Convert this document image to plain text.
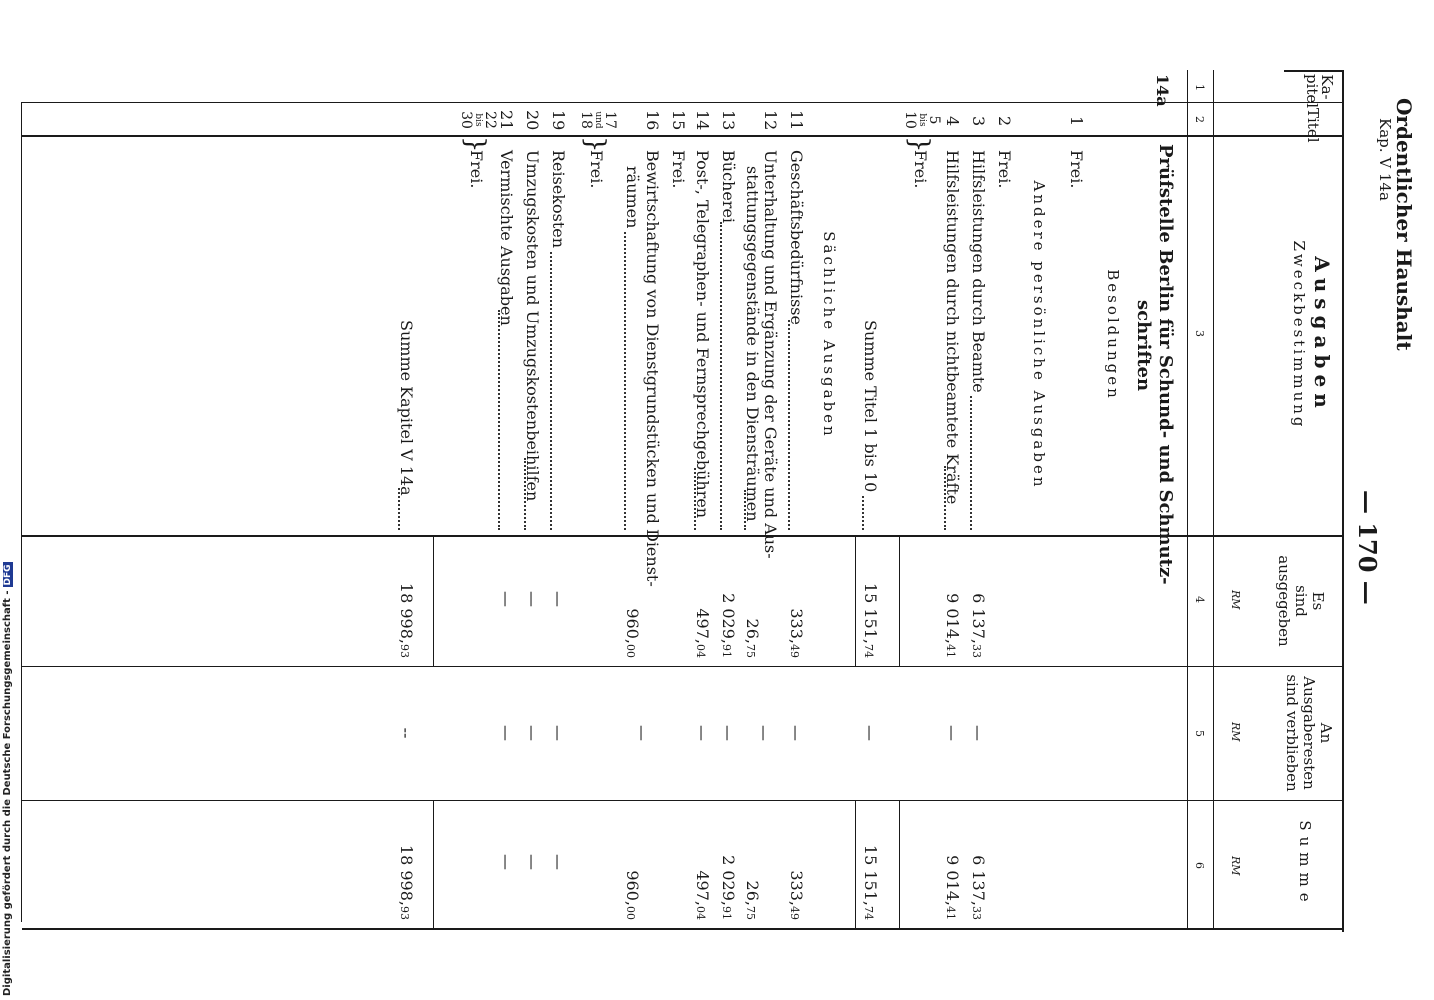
Ordentlicher Haushalt
Kap. V 14a
— 170 —
Ka-
pitel
Titel
Ausgaben
Zweckbestimmung
Es
sind ausgegeben
An
Ausgaberesten
sind verblieben
Summe
RM
RM
RM
1
2
3
4
5
6
14a
Prüfstelle Berlin für Schund- und Schmutz-
schriften
Besoldungen
1
Frei.
Andere persönliche Ausgaben
2
Frei.
3
Hilfsleistungen durch Beamte
6 137,33
—
6 137,33
4
Hilfsleistungen durch nichtbeamtete Kräfte
9 014,41
—
9 014,41
5
bis
10
}
Frei.
Summe Titel 1 bis 10
15 151,74
—
15 151,74
Sächliche Ausgaben
11
Geschäftsbedürfnisse
333,49
—
333,49
12
Unterhaltung und Ergänzung der Geräte und Aus-
stattungsgegenstände in den Diensträumen
26,75
—
26,75
13
Bücherei
2 029,91
—
2 029,91
14
Post-, Telegraphen- und Fernsprechgebühren
497,04
—
497,04
15
Frei.
16
Bewirtschaftung von Dienstgrundstücken und Dienst-
räumen
960,00
—
960,00
17
und
18
}
Frei.
19
Reisekosten
—
—
—
20
Umzugskosten und Umzugskostenbeihilfen
—
—
—
21
Vermischte Ausgaben
—
—
—
22
bis
30
}
Frei.
Summe Kapitel V 14a
18 998,93
--
18 998,93
Digitalisierung gefördert durch die Deutsche Forschungsgemeinschaft -DFG
